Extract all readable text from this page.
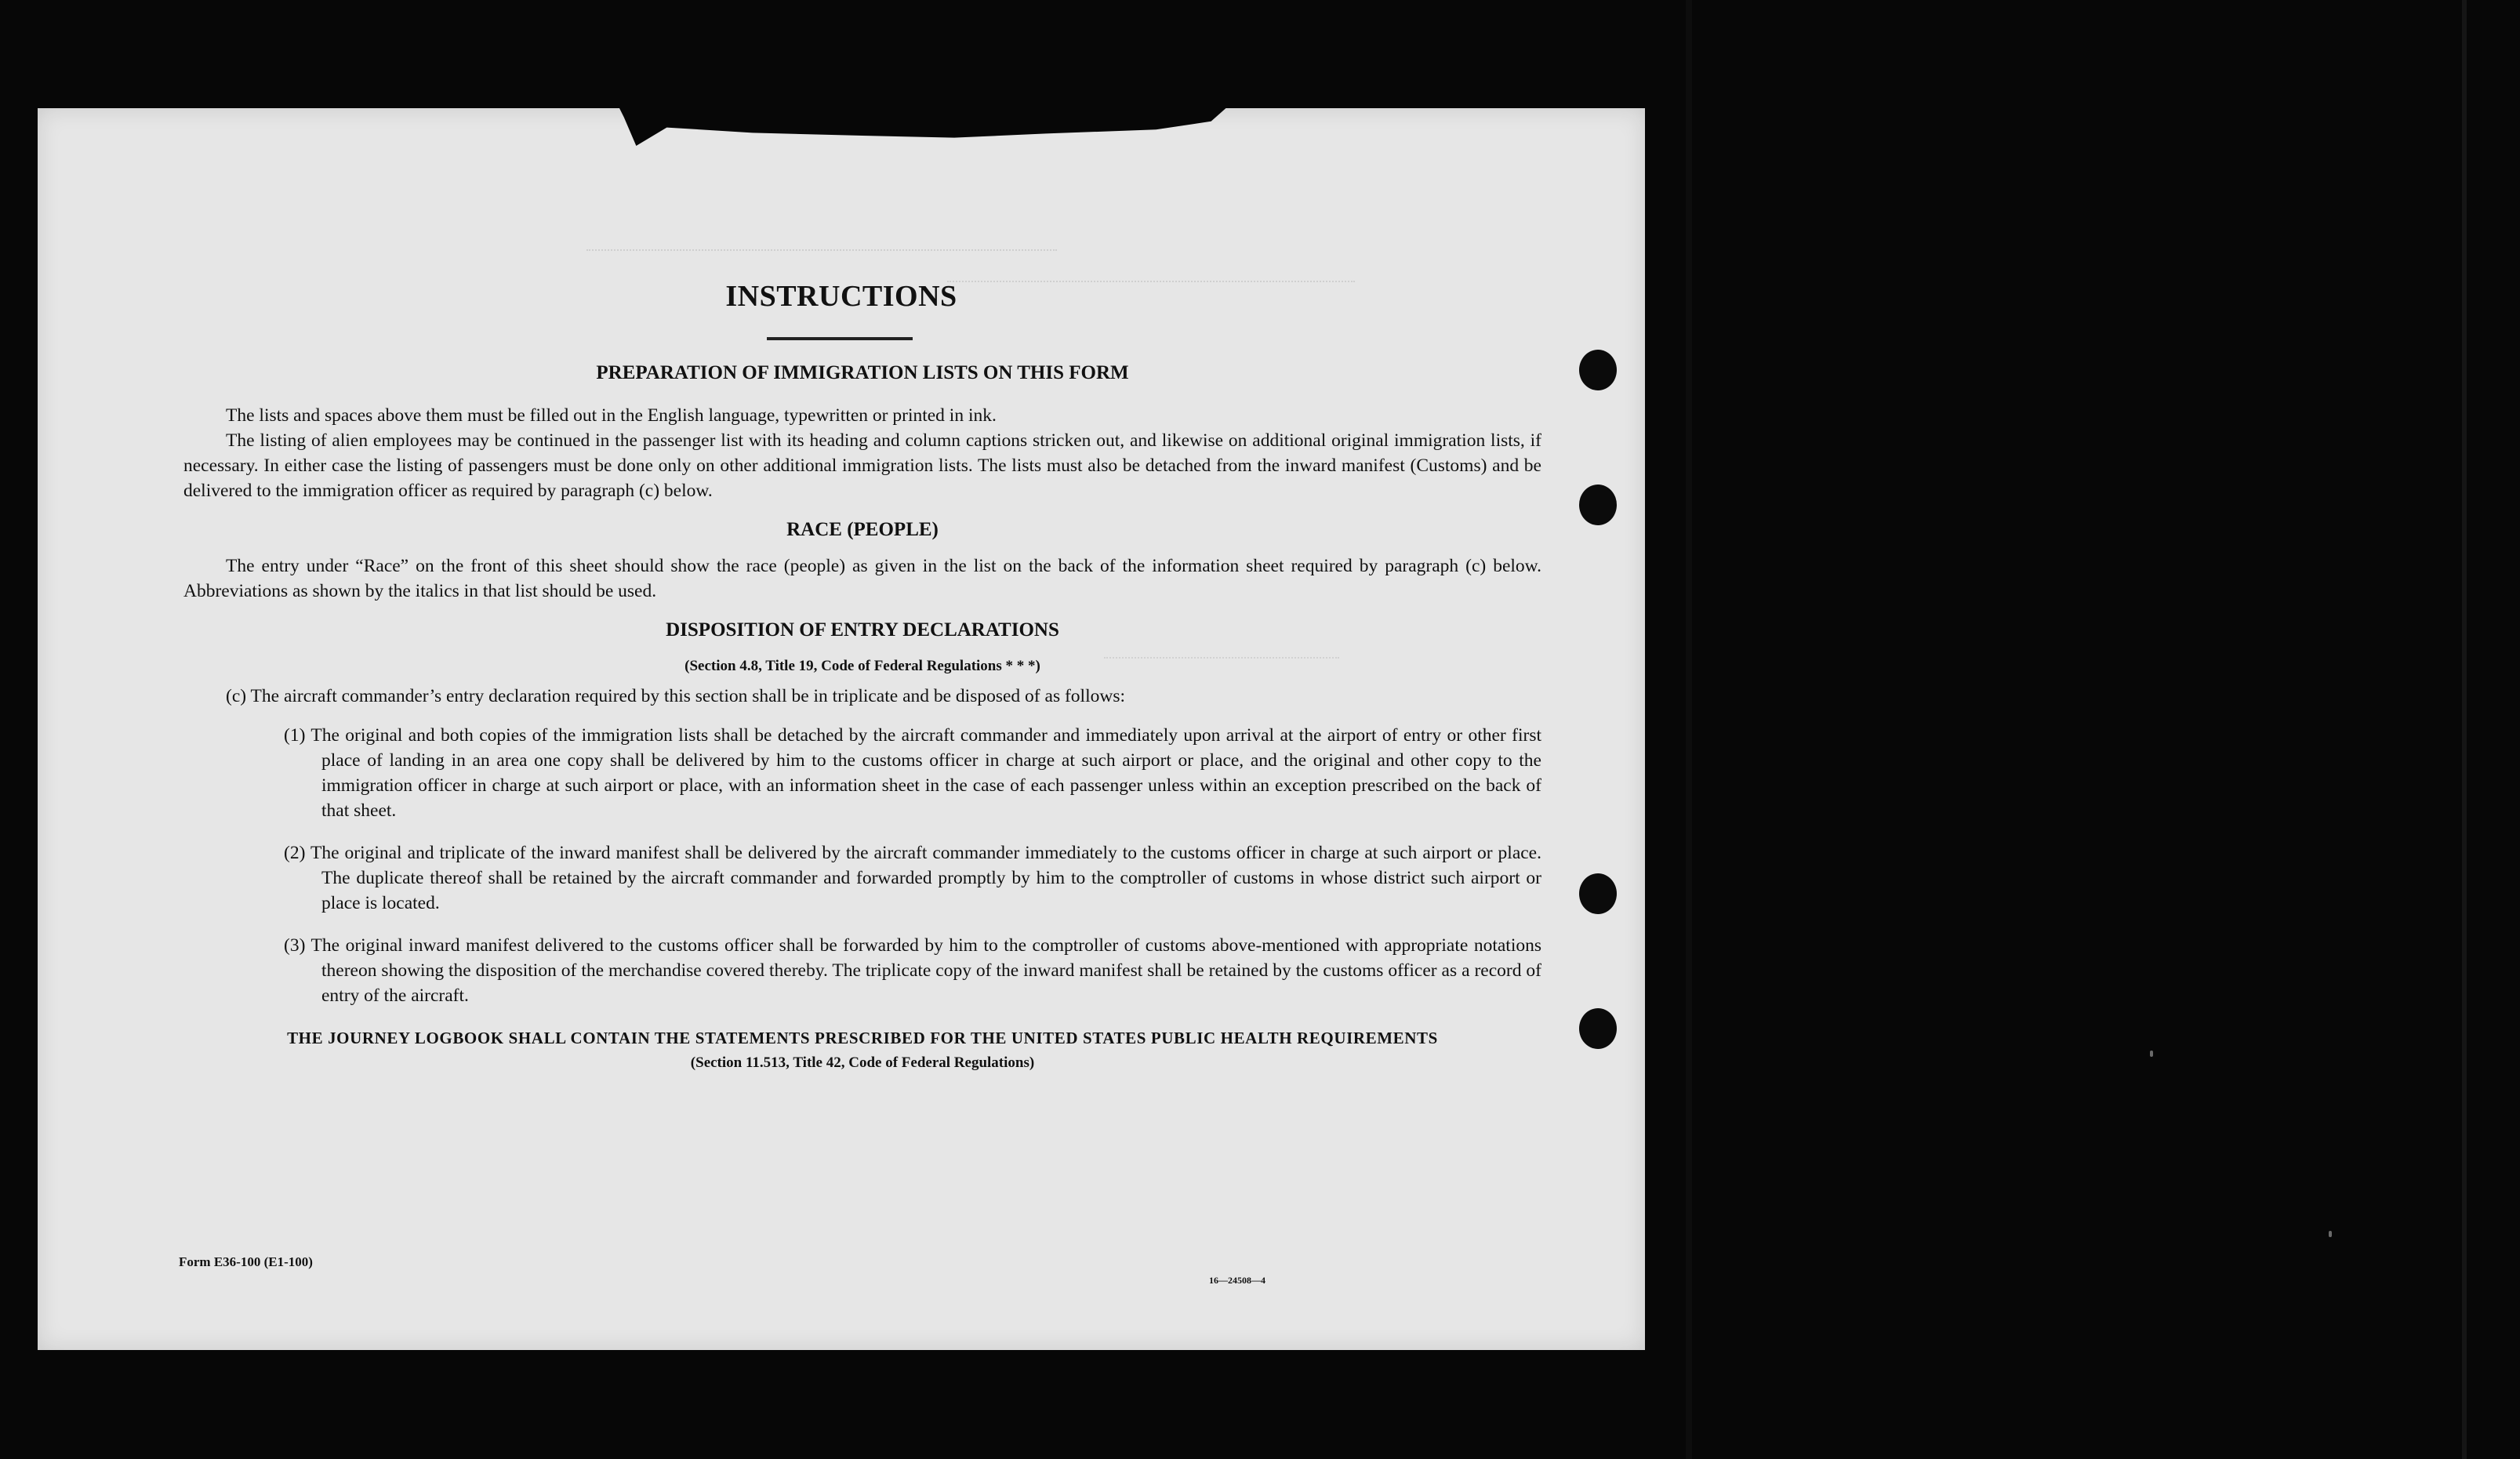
INSTRUCTIONS
PREPARATION OF IMMIGRATION LISTS ON THIS FORM

The lists and spaces above them must be filled out in the English language, typewritten or printed in ink.

The listing of alien employees may be continued in the passenger list with its heading and column captions stricken out, and likewise on additional original immigration lists, if necessary. In either case the listing of passengers must be done only on other additional immigration lists. The lists must also be detached from the inward manifest (Customs) and be delivered to the immigration officer as required by paragraph (c) below.

RACE (PEOPLE)

The entry under “Race” on the front of this sheet should show the race (people) as given in the list on the back of the information sheet required by paragraph (c) below. Abbreviations as shown by the italics in that list should be used.

DISPOSITION OF ENTRY DECLARATIONS
(Section 4.8, Title 19, Code of Federal Regulations * * *)

(c) The aircraft commander’s entry declaration required by this section shall be in triplicate and be disposed of as follows:

(1) The original and both copies of the immigration lists shall be detached by the aircraft commander and immediately upon arrival at the airport of entry or other first place of landing in an area one copy shall be delivered by him to the customs officer in charge at such airport or place, and the original and other copy to the immigration officer in charge at such airport or place, with an information sheet in the case of each passenger unless within an exception prescribed on the back of that sheet.

(2) The original and triplicate of the inward manifest shall be delivered by the aircraft commander immediately to the customs officer in charge at such airport or place. The duplicate thereof shall be retained by the aircraft commander and forwarded promptly by him to the comptroller of customs in whose district such airport or place is located.

(3) The original inward manifest delivered to the customs officer shall be forwarded by him to the comptroller of customs above-mentioned with appropriate notations thereon showing the disposition of the merchandise covered thereby. The triplicate copy of the inward manifest shall be retained by the customs officer as a record of entry of the aircraft.

THE JOURNEY LOGBOOK SHALL CONTAIN THE STATEMENTS PRESCRIBED FOR THE UNITED STATES PUBLIC HEALTH REQUIREMENTS
(Section 11.513, Title 42, Code of Federal Regulations)
Form E36-100 (E1-100)
16—24508—4
